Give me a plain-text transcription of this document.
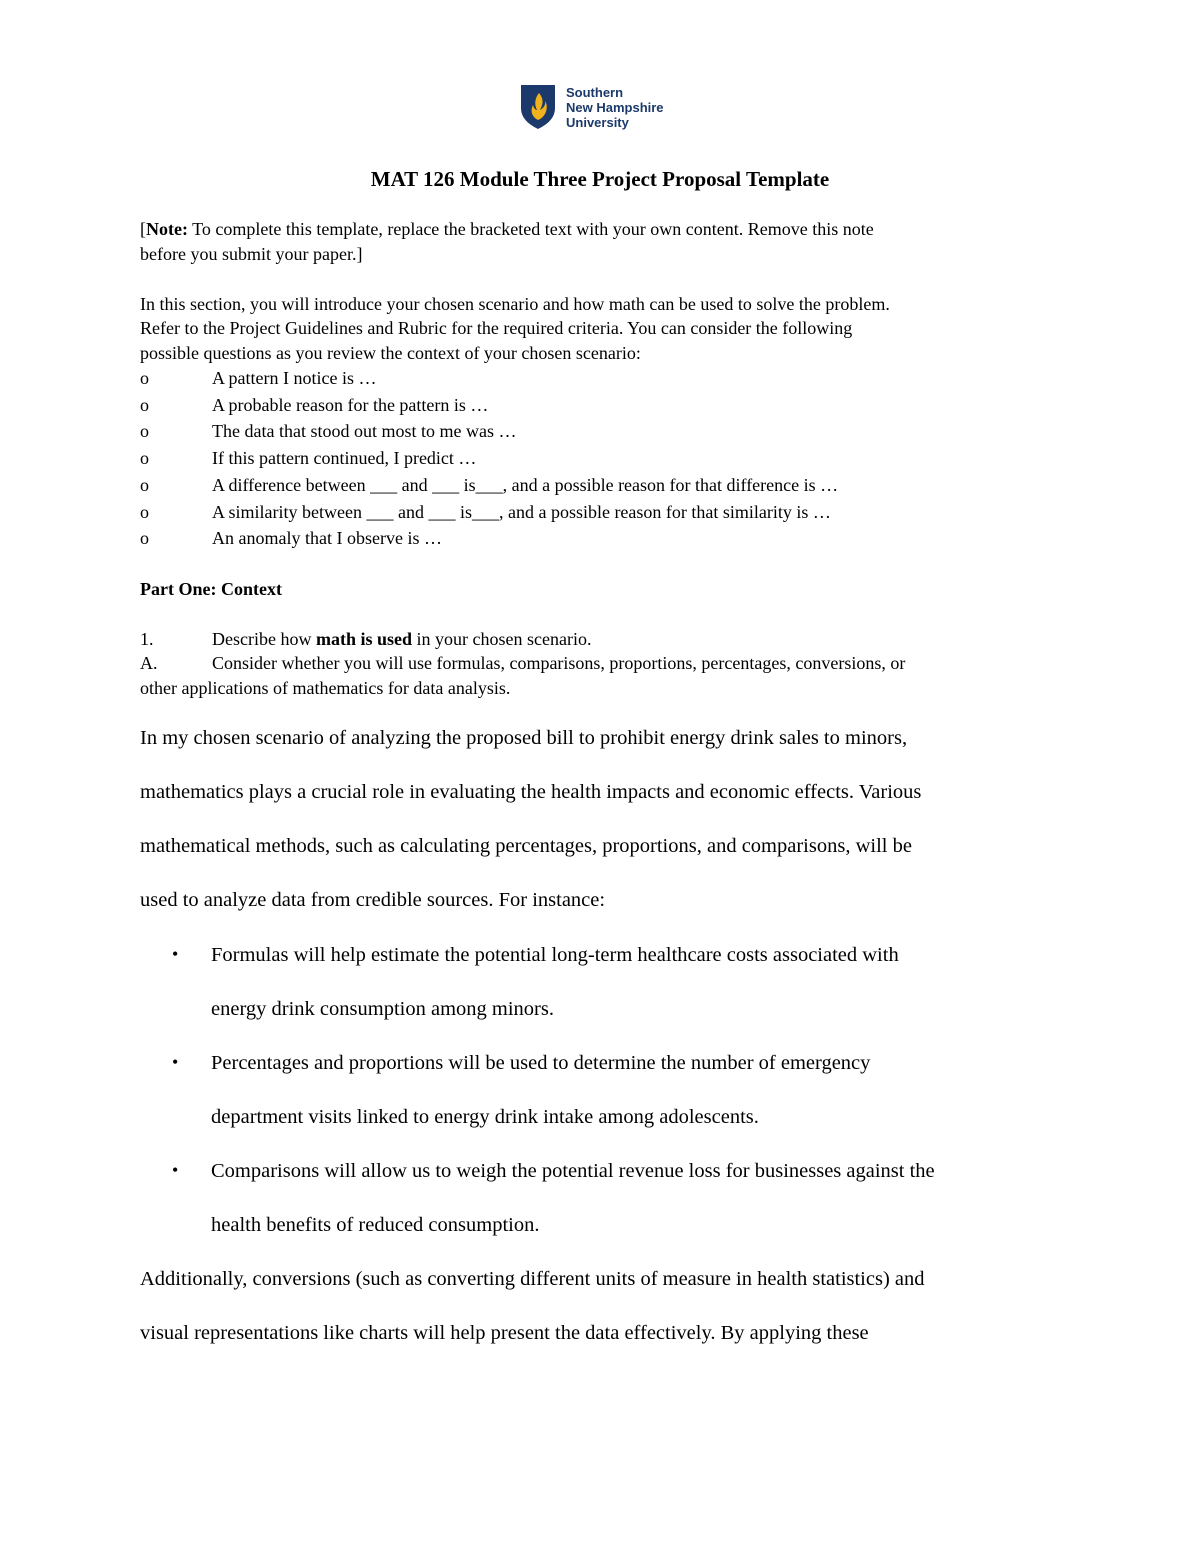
Southern
New Hampshire
University
MAT 126 Module Three Project Proposal Template
[Note: To complete this template, replace the bracketed text with your own content. Remove this note
before you submit your paper.]
In this section, you will introduce your chosen scenario and how math can be used to solve the problem.
Refer to the Project Guidelines and Rubric for the required criteria. You can consider the following
possible questions as you review the context of your chosen scenario:
o	A pattern I notice is …
o	A probable reason for the pattern is …
o	The data that stood out most to me was …
o	If this pattern continued, I predict …
o	A difference between ___ and ___ is___, and a possible reason for that difference is …
o	A similarity between ___ and ___ is___, and a possible reason for that similarity is …
o	An anomaly that I observe is …
Part One: Context
1.	Describe how math is used in your chosen scenario.
A.	Consider whether you will use formulas, comparisons, proportions, percentages, conversions, or
other applications of mathematics for data analysis.
In my chosen scenario of analyzing the proposed bill to prohibit energy drink sales to minors,
mathematics plays a crucial role in evaluating the health impacts and economic effects. Various
mathematical methods, such as calculating percentages, proportions, and comparisons, will be
used to analyze data from credible sources. For instance:
• Formulas will help estimate the potential long-term healthcare costs associated with
energy drink consumption among minors.
• Percentages and proportions will be used to determine the number of emergency
department visits linked to energy drink intake among adolescents.
• Comparisons will allow us to weigh the potential revenue loss for businesses against the
health benefits of reduced consumption.
Additionally, conversions (such as converting different units of measure in health statistics) and
visual representations like charts will help present the data effectively. By applying these
